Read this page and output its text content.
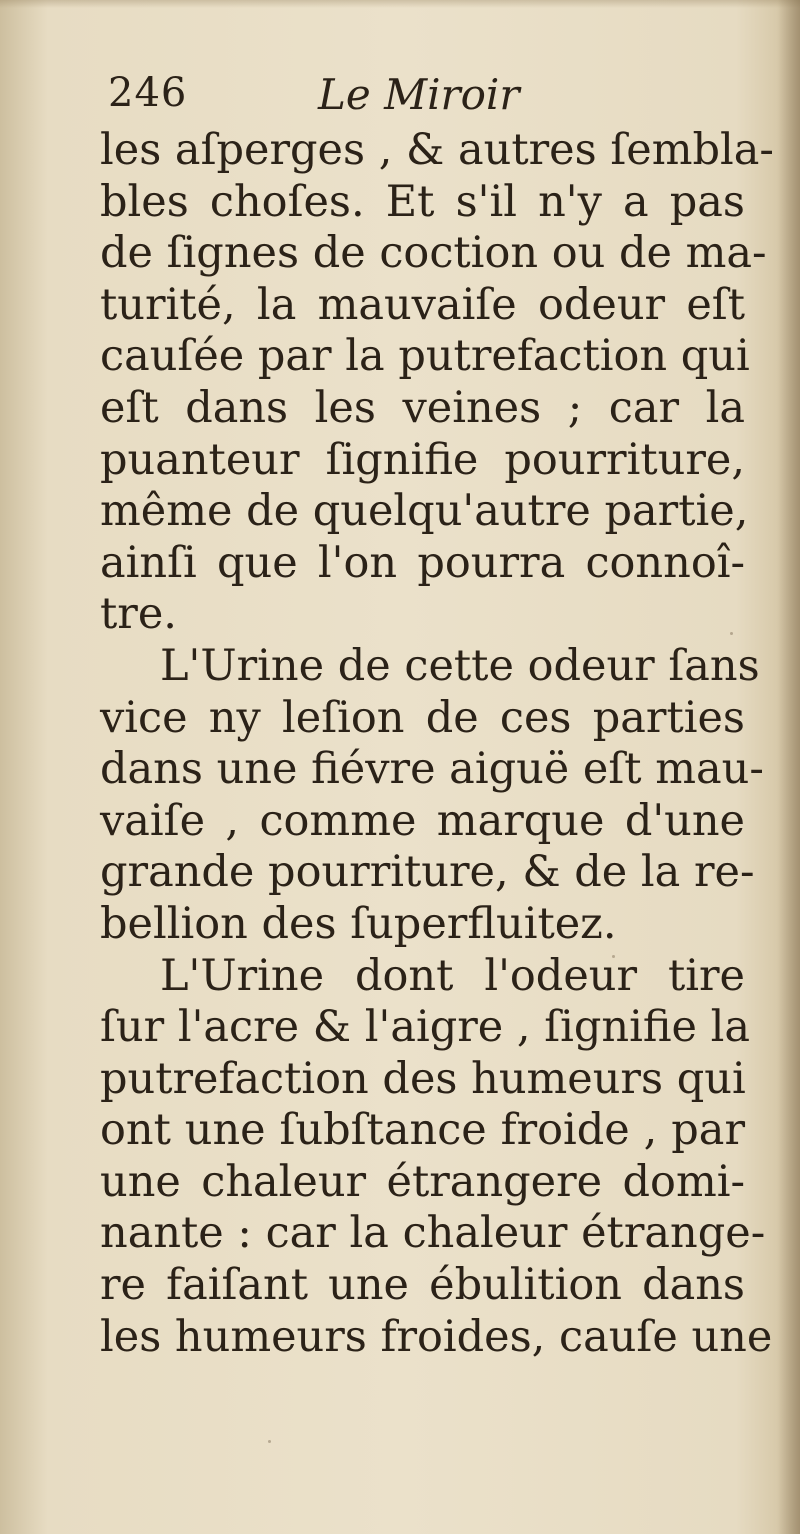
246	Le Miroir
les aſperges , & autres ſembla-
bles choſes. Et s'il n'y a pas
de ſignes de coction ou de ma-
turité, la mauvaiſe odeur eſt
cauſée par la putrefaction qui
eſt dans les veines ; car la
puanteur ſignifie pourriture,
même de quelqu'autre partie,
ainſi que l'on pourra connoî-
tre.
L'Urine de cette odeur ſans
vice ny leſion de ces parties
dans une fiévre aiguë eſt mau-
vaiſe , comme marque d'une
grande pourriture, & de la re-
bellion des ſuperfluitez.
L'Urine dont l'odeur tire
ſur l'acre & l'aigre , ſignifie la
putrefaction des humeurs qui
ont une ſubſtance froide , par
une chaleur étrangere domi-
nante : car la chaleur étrange-
re faiſant une ébulition dans
les humeurs froides, cauſe une
